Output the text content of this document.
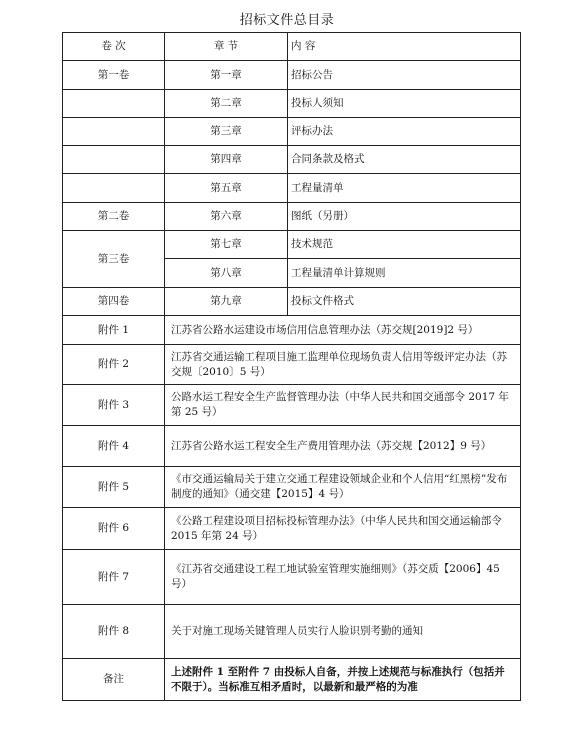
招标文件总目录
卷 次	章 节	内 容
第一卷	第一章	招标公告
	第二章	投标人须知
	第三章	评标办法
	第四章	合同条款及格式
	第五章	工程量清单
第二卷	第六章	图纸（另册）
第三卷	第七章	技术规范
	第八章	工程量清单计算规则
第四卷	第九章	投标文件格式
附件 1	江苏省公路水运建设市场信用信息管理办法（苏交规[2019]2 号）	
附件 2	江苏省交通运输工程项目施工监理单位现场负责人信用等级评定办法（苏交规〔2010〕5 号）	
附件 3	公路水运工程安全生产监督管理办法（中华人民共和国交通部令 2017 年第 25 号）	
附件 4	江苏省公路水运工程安全生产费用管理办法（苏交规【2012】9 号）	
附件 5	《市交通运输局关于建立交通工程建设领域企业和个人信用“红黑榜”发布制度的通知》（通交建【2015】4 号）	
附件 6	《公路工程建设项目招标投标管理办法》（中华人民共和国交通运输部令 2015 年第 24 号）	
附件 7	《江苏省交通建设工程工地试验室管理实施细则》（苏交质【2006】45 号）	
附件 8	关于对施工现场关键管理人员实行人脸识别考勤的通知	
备注	上述附件 1 至附件 7 由投标人自备，并按上述规范与标准执行（包括并不限于）。当标准互相矛盾时，以最新和最严格的为准	
